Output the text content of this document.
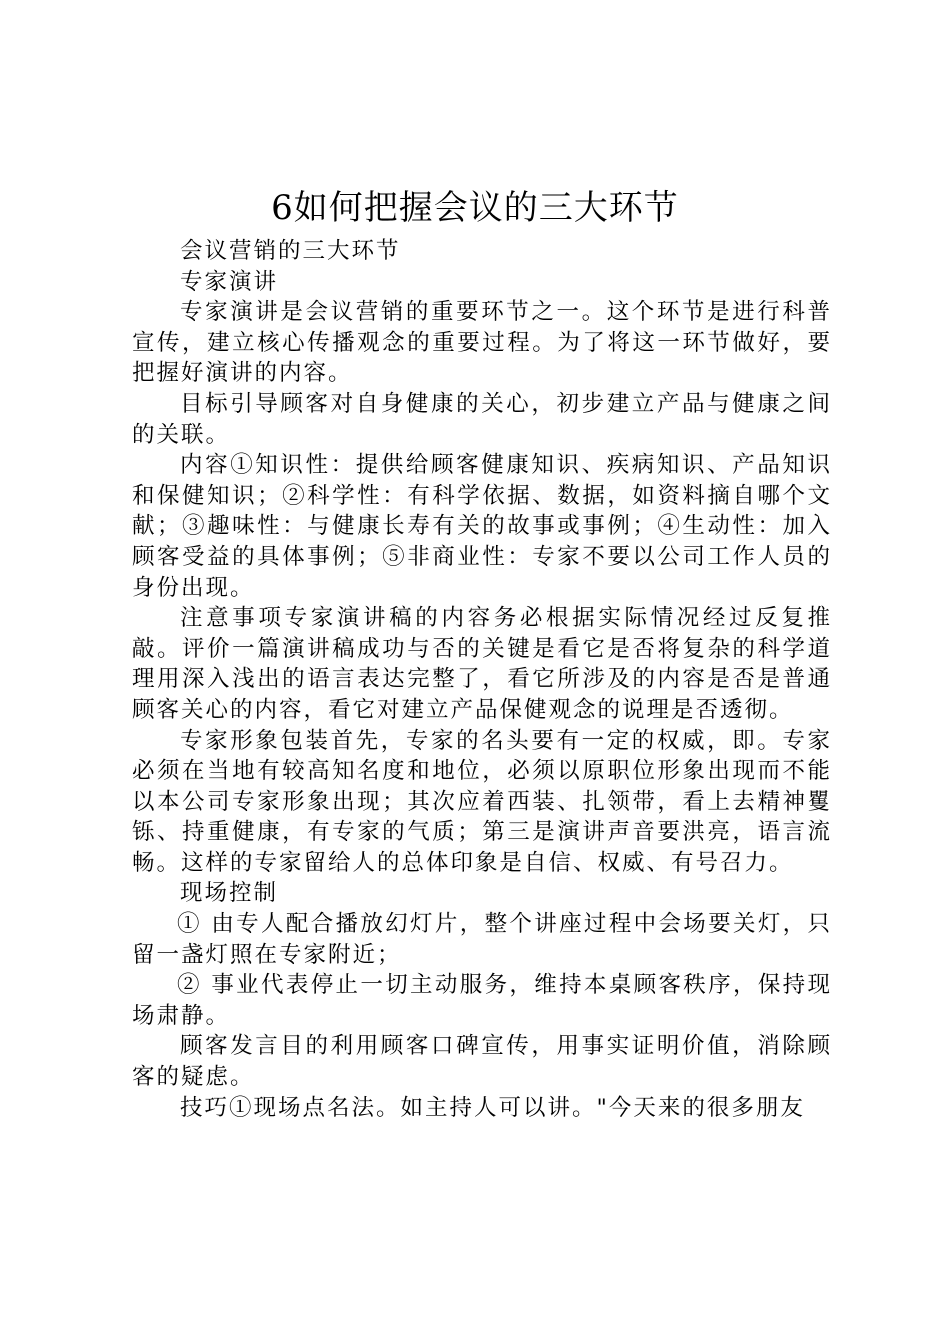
6如何把握会议的三大环节

会议营销的三大环节

专家演讲

专家演讲是会议营销的重要环节之一。这个环节是进行科普宣传，建立核心传播观念的重要过程。为了将这一环节做好，要把握好演讲的内容。

目标引导顾客对自身健康的关心，初步建立产品与健康之间的关联。

内容①知识性：提供给顾客健康知识、疾病知识、产品知识和保健知识；②科学性：有科学依据、数据，如资料摘自哪个文献；③趣味性：与健康长寿有关的故事或事例；④生动性：加入顾客受益的具体事例；⑤非商业性：专家不要以公司工作人员的身份出现。

注意事项专家演讲稿的内容务必根据实际情况经过反复推敲。评价一篇演讲稿成功与否的关键是看它是否将复杂的科学道理用深入浅出的语言表达完整了，看它所涉及的内容是否是普通顾客关心的内容，看它对建立产品保健观念的说理是否透彻。

专家形象包装首先，专家的名头要有一定的权威，即。专家必须在当地有较高知名度和地位，必须以原职位形象出现而不能以本公司专家形象出现；其次应着西装、扎领带，看上去精神矍铄、持重健康，有专家的气质；第三是演讲声音要洪亮，语言流畅。这样的专家留给人的总体印象是自信、权威、有号召力。

现场控制

① 由专人配合播放幻灯片，整个讲座过程中会场要关灯，只留一盏灯照在专家附近；

② 事业代表停止一切主动服务，维持本桌顾客秩序，保持现场肃静。

顾客发言目的利用顾客口碑宣传，用事实证明价值，消除顾客的疑虑。

技巧①现场点名法。如主持人可以讲。"今天来的很多朋友
